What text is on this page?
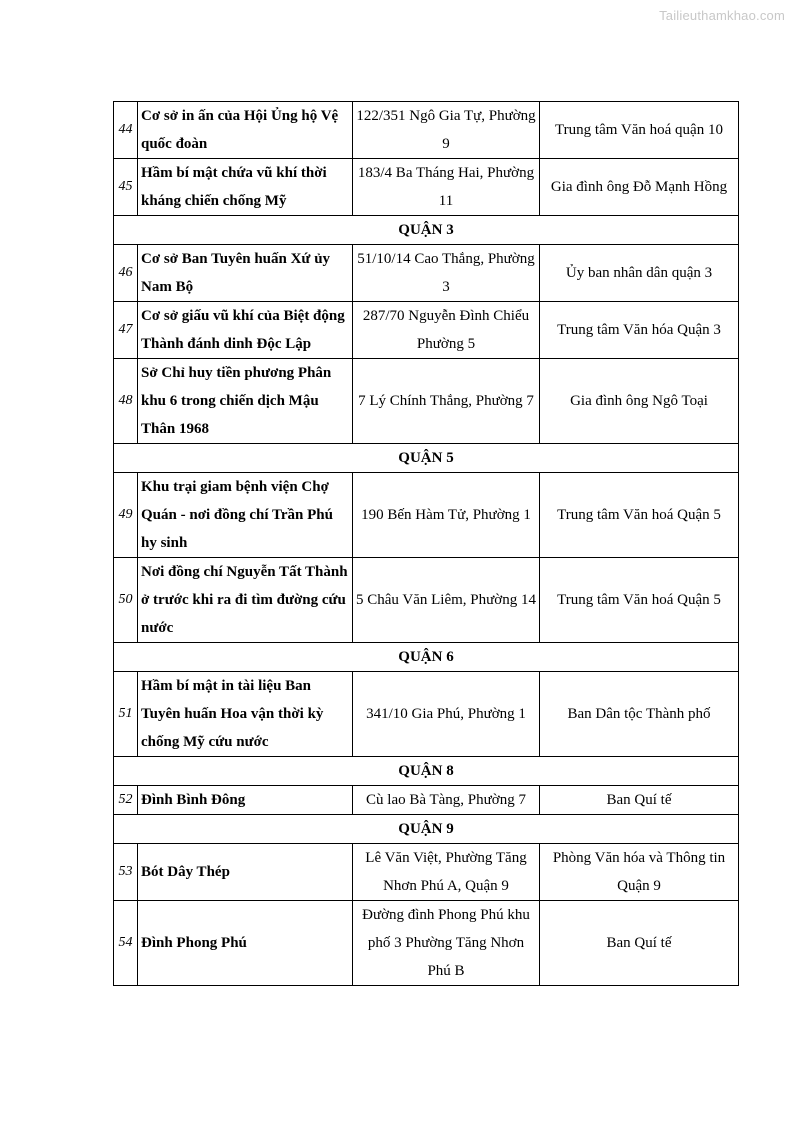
Tailieuthamkhao.com
44	Cơ sở in ấn của Hội Ủng hộ Vệ quốc đoàn	122/351 Ngô Gia Tự, Phường 9	Trung tâm Văn hoá quận 10
45	Hầm bí mật chứa vũ khí thời kháng chiến chống Mỹ	183/4 Ba Tháng Hai, Phường 11	Gia đình ông Đỗ Mạnh Hồng
QUẬN 3			
46	Cơ sở Ban Tuyên huấn Xứ ủy Nam Bộ	51/10/14 Cao Thắng, Phường 3	Ủy ban nhân dân quận 3
47	Cơ sở giấu vũ khí của Biệt động Thành đánh dinh Độc Lập	287/70 Nguyễn Đình Chiểu Phường 5	Trung tâm Văn hóa Quận 3
48	Sở Chỉ huy tiền phương Phân khu 6 trong chiến dịch Mậu Thân 1968	7 Lý Chính Thắng, Phường 7	Gia đình ông Ngô Toại
QUẬN 5			
49	Khu trại giam bệnh viện Chợ Quán - nơi đồng chí Trần Phú hy sinh	190 Bến Hàm Tử, Phường 1	Trung tâm Văn hoá Quận 5
50	Nơi đồng chí Nguyễn Tất Thành ở trước khi ra đi tìm đường cứu nước	5 Châu Văn Liêm, Phường 14	Trung tâm Văn hoá Quận 5
QUẬN 6			
51	Hầm bí mật in tài liệu Ban Tuyên huấn Hoa vận thời kỳ chống Mỹ cứu nước	341/10 Gia Phú, Phường 1	Ban Dân tộc Thành phố
QUẬN 8			
52	Đình Bình Đông	Cù lao Bà Tàng, Phường 7	Ban Quí tế
QUẬN 9			
53	Bót Dây Thép	Lê Văn Việt, Phường Tăng Nhơn Phú A, Quận 9	Phòng Văn hóa và Thông tin Quận 9
54	Đình Phong Phú	Đường đình Phong Phú khu phố 3 Phường Tăng Nhơn Phú B	Ban Quí tế
